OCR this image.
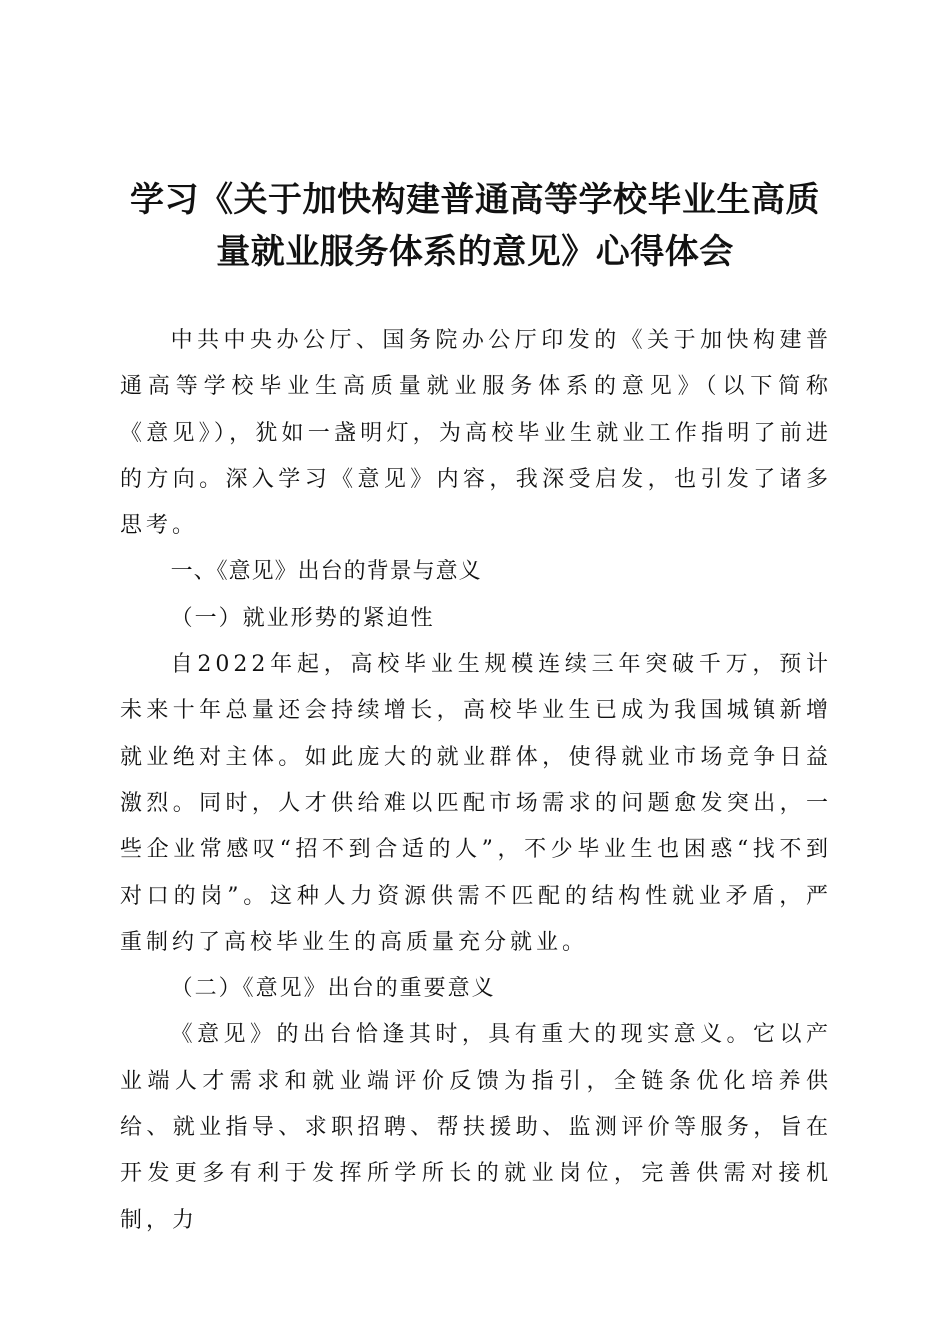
学习《关于加快构建普通高等学校毕业生高质
量就业服务体系的意见》心得体会

中共中央办公厅、国务院办公厅印发的《关于加快构建普通高等学校毕业生高质量就业服务体系的意见》（以下简称《意见》），犹如一盏明灯，为高校毕业生就业工作指明了前进的方向。深入学习《意见》内容，我深受启发，也引发了诸多思考。

一、《意见》出台的背景与意义

（一）就业形势的紧迫性

自2022年起，高校毕业生规模连续三年突破千万，预计未来十年总量还会持续增长，高校毕业生已成为我国城镇新增就业绝对主体。如此庞大的就业群体，使得就业市场竞争日益激烈。同时，人才供给难以匹配市场需求的问题愈发突出，一些企业常感叹“招不到合适的人”，不少毕业生也困惑“找不到对口的岗”。这种人力资源供需不匹配的结构性就业矛盾，严重制约了高校毕业生的高质量充分就业。

（二）《意见》出台的重要意义

《意见》的出台恰逢其时，具有重大的现实意义。它以产业端人才需求和就业端评价反馈为指引，全链条优化培养供给、就业指导、求职招聘、帮扶援助、监测评价等服务，旨在开发更多有利于发挥所学所长的就业岗位，完善供需对接机制，力
